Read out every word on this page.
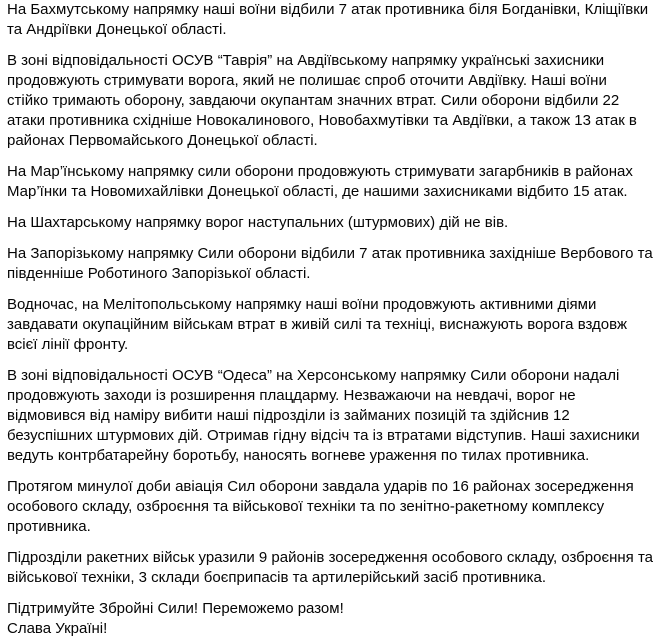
На Бахмутському напрямку наші воїни відбили 7 атак противника біля Богданівки, Кліщіївки
та Андріївки Донецької області.

В зоні відповідальності ОСУВ “Таврія” на Авдіївському напрямку українські захисники
продовжують стримувати ворога, який не полишає спроб оточити Авдіївку. Наші воїни
стійко тримають оборону, завдаючи окупантам значних втрат. Сили оборони відбили 22
атаки противника східніше Новокалинового, Новобахмутівки та Авдіївки, а також 13 атак в
районах Первомайського Донецької області.

На Мар’їнському напрямку сили оборони продовжують стримувати загарбників в районах
Мар’їнки та Новомихайлівки Донецької області, де нашими захисниками відбито 15 атак.

На Шахтарському напрямку ворог наступальних (штурмових) дій не вів.

На Запорізькому напрямку Сили оборони відбили 7 атак противника західніше Вербового та
південніше Роботиного Запорізької області.

Водночас, на Мелітопольському напрямку наші воїни продовжують активними діями
завдавати окупаційним військам втрат в живій силі та техніці, виснажують ворога вздовж
всієї лінії фронту.

В зоні відповідальності ОСУВ “Одеса” на Херсонському напрямку Сили оборони надалі
продовжують заходи із розширення плацдарму. Незважаючи на невдачі, ворог не
відмовився від наміру вибити наші підрозділи із займаних позицій та здійснив 12
безуспішних штурмових дій. Отримав гідну відсіч та із втратами відступив. Наші захисники
ведуть контрбатарейну боротьбу, наносять вогневе ураження по тилах противника.

Протягом минулої доби авіація Сил оборони завдала ударів по 16 районах зосередження
особового складу, озброєння та військової техніки та по зенітно-ракетному комплексу
противника.

Підрозділи ракетних військ уразили 9 районів зосередження особового складу, озброєння та
військової техніки, 3 склади боєприпасів та артилерійський засіб противника.

Підтримуйте Збройні Сили! Переможемо разом!
Слава Україні!
